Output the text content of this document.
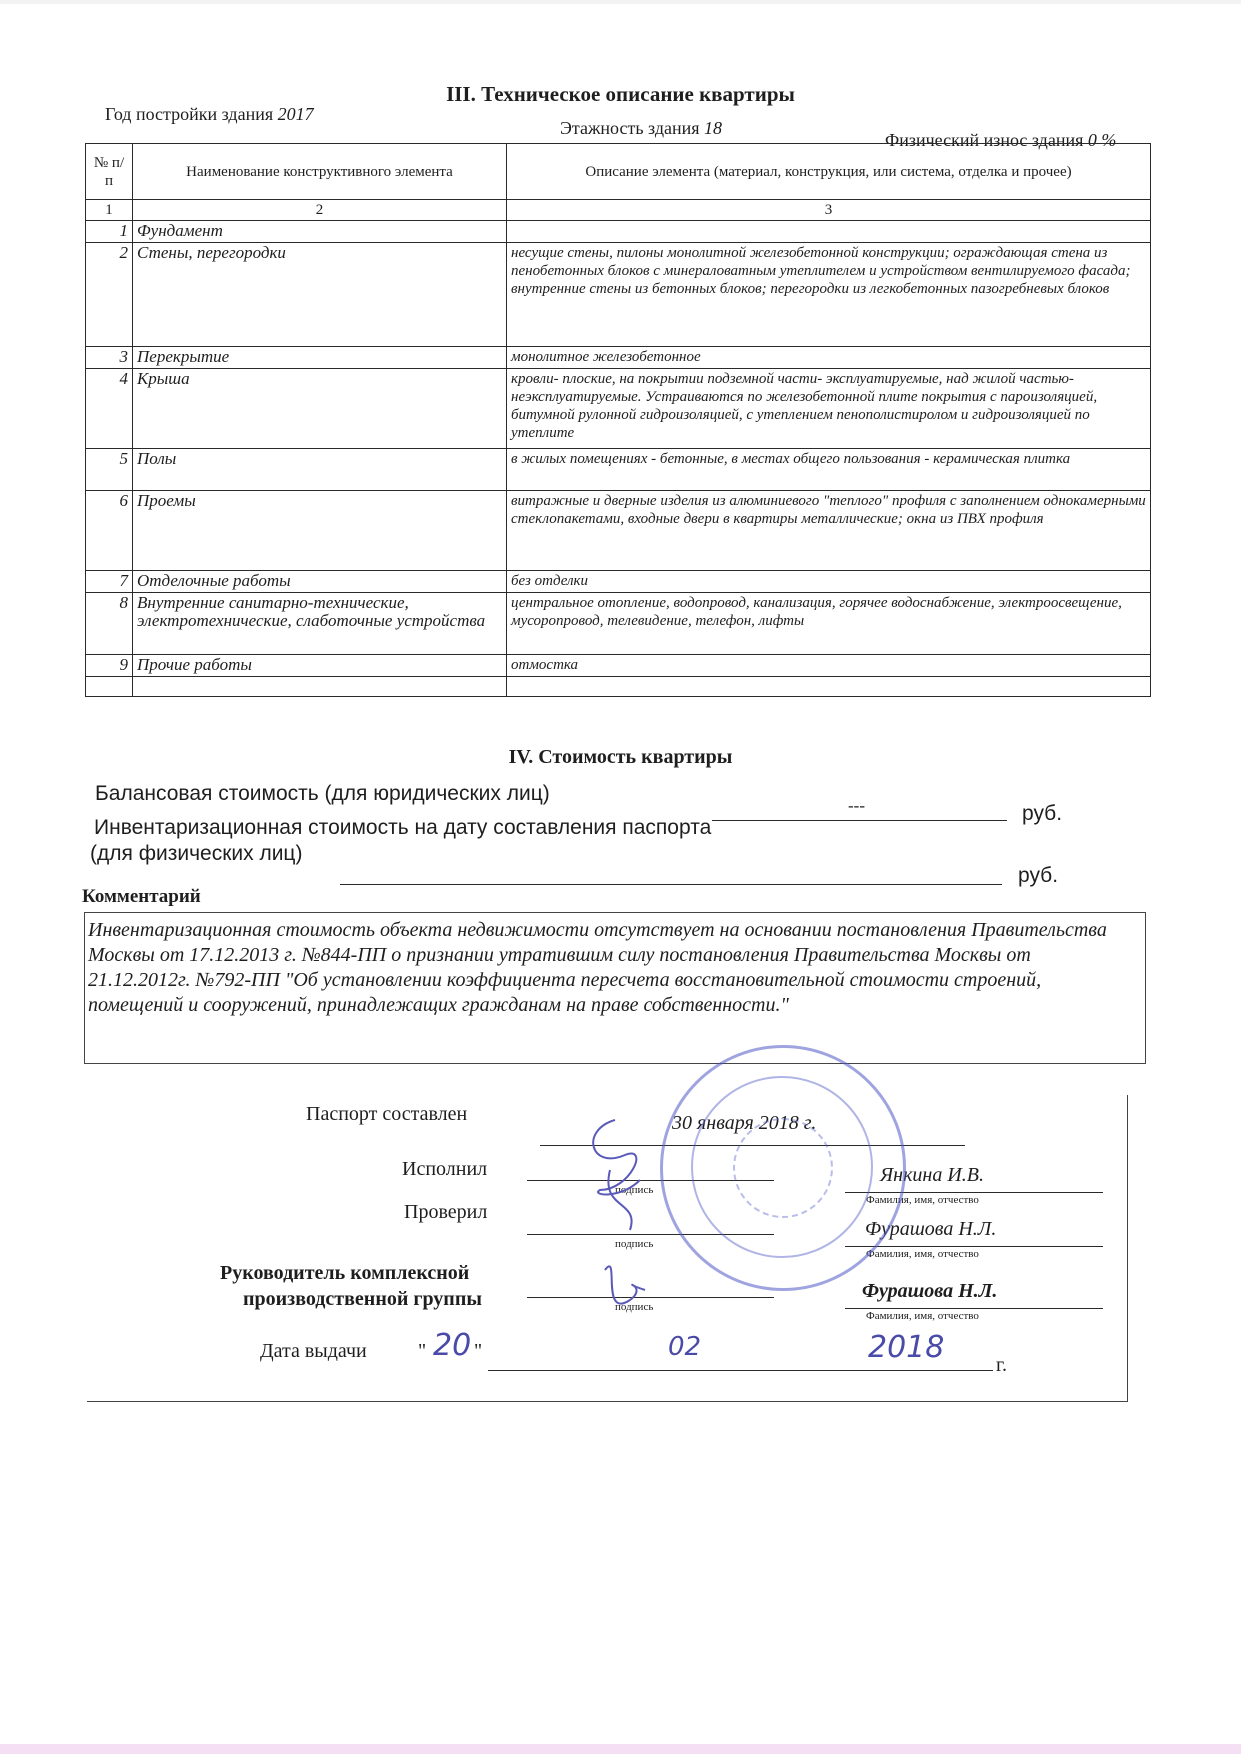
III. Техническое описание квартиры
Год постройки здания 2017
Этажность здания 18
Физический износ здания 0 %
№ п/п	Наименование конструктивного элемента	Описание элемента (материал, конструкция, или система, отделка и прочее)
1	2	3
1	Фундамент	
2	Стены, перегородки	несущие стены, пилоны монолитной железобетонной конструкции; ограждающая стена из пенобетонных блоков с минераловатным утеплителем и устройством вентилируемого фасада; внутренние стены из бетонных блоков; перегородки из легкобетонных пазогребневых блоков
3	Перекрытие	монолитное железобетонное
4	Крыша	кровли- плоские, на покрытии подземной части- эксплуатируемые, над жилой частью- неэксплуатируемые. Устраиваются по железобетонной плите покрытия с пароизоляцией, битумной рулонной гидроизоляцией, с утеплением пенополистиролом и гидроизоляцией по утеплите
5	Полы	в жилых помещениях - бетонные, в местах общего пользования - керамическая плитка
6	Проемы	витражные и дверные изделия из алюминиевого "теплого" профиля с заполнением однокамерными стеклопакетами, входные двери в квартиры металлические; окна из ПВХ профиля
7	Отделочные работы	без отделки
8	Внутренние санитарно-технические, электротехнические, слаботочные устройства	центральное отопление, водопровод, канализация, горячее водоснабжение, электроосвещение, мусоропровод, телевидение, телефон, лифты
9	Прочие работы	отмостка

IV. Стоимость квартиры
Балансовая стоимость (для юридических лиц)
---	руб.
Инвентаризационная стоимость на дату составления паспорта
(для физических лиц)
руб.
Комментарий
Инвентаризационная стоимость объекта недвижимости отсутствует на основании постановления Правительства Москвы от 17.12.2013 г. №844-ПП о признании утратившим силу постановления Правительства Москвы от 21.12.2012г. №792-ПП "Об установлении коэффициента пересчета восстановительной стоимости строений, помещений и сооружений, принадлежащих гражданам на праве собственности."
Паспорт составлен	30 января 2018 г.
Исполнил
подпись
Янкина И.В.
Фамилия, имя, отчество
Проверил
подпись
Фурашова Н.Л.
Фамилия, имя, отчество
Руководитель комплексной
производственной группы	подпись
Фурашова Н.Л.
Фамилия, имя, отчество
Дата выдачи	" 20 "	02	2018	г.
